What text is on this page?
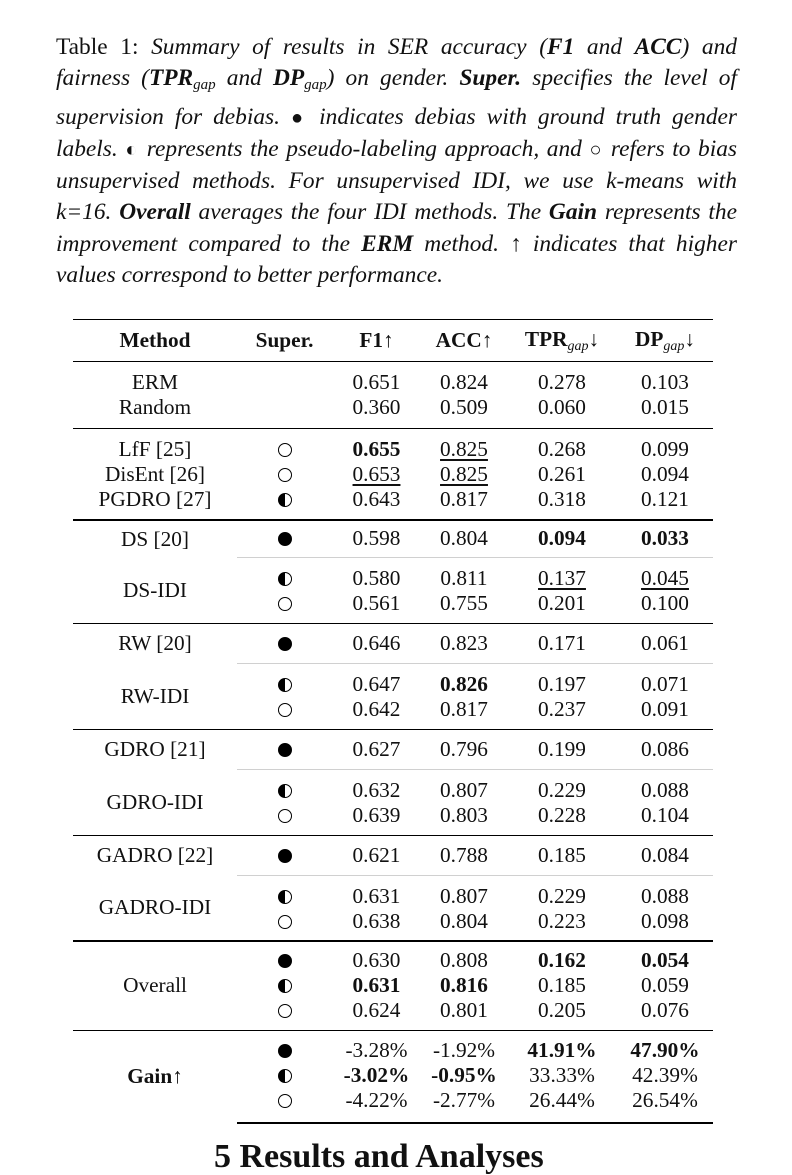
Table 1: Summary of results in SER accuracy (F1 and ACC) and fairness ($TPR_{gap}$ and $DP_{gap}$) on gender. Super. specifies the level of supervision for debias. ● indicates debias with ground truth gender labels. ◐ represents the pseudo-labeling approach, and ○ refers to bias unsupervised methods. For unsupervised IDI, we use k-means with k=16. Overall averages the four IDI methods. The Gain represents the improvement compared to the ERM method. ↑ indicates that higher values correspond to better performance.
Method	Super.	F1↑	ACC↑	$TPR_{gap}↓$	$DP_{gap}↓$
ERM		0.651	0.824	0.278	0.103
Random		0.360	0.509	0.060	0.015
LfF [25]		0.655	0.825	0.268	0.099
DisEnt [26]		0.653	0.825	0.261	0.094
PGDRO [27]		0.643	0.817	0.318	0.121
DS [20]		0.598	0.804	0.094	0.033
DS-IDI		0.580	0.811	0.137	0.045
		0.561	0.755	0.201	0.100
RW [20]		0.646	0.823	0.171	0.061
RW-IDI		0.647	0.826	0.197	0.071
		0.642	0.817	0.237	0.091
GDRO [21]		0.627	0.796	0.199	0.086
GDRO-IDI		0.632	0.807	0.229	0.088
		0.639	0.803	0.228	0.104
GADRO [22]		0.621	0.788	0.185	0.084
GADRO-IDI		0.631	0.807	0.229	0.088
		0.638	0.804	0.223	0.098
Overall		0.630	0.808	0.162	0.054
		0.631	0.816	0.185	0.059
		0.624	0.801	0.205	0.076
Gain↑		-3.28%	-1.92%	41.91%	47.90%
		-3.02%	-0.95%	33.33%	42.39%
		-4.22%	-2.77%	26.44%	26.54%
5 Results and Analyses
